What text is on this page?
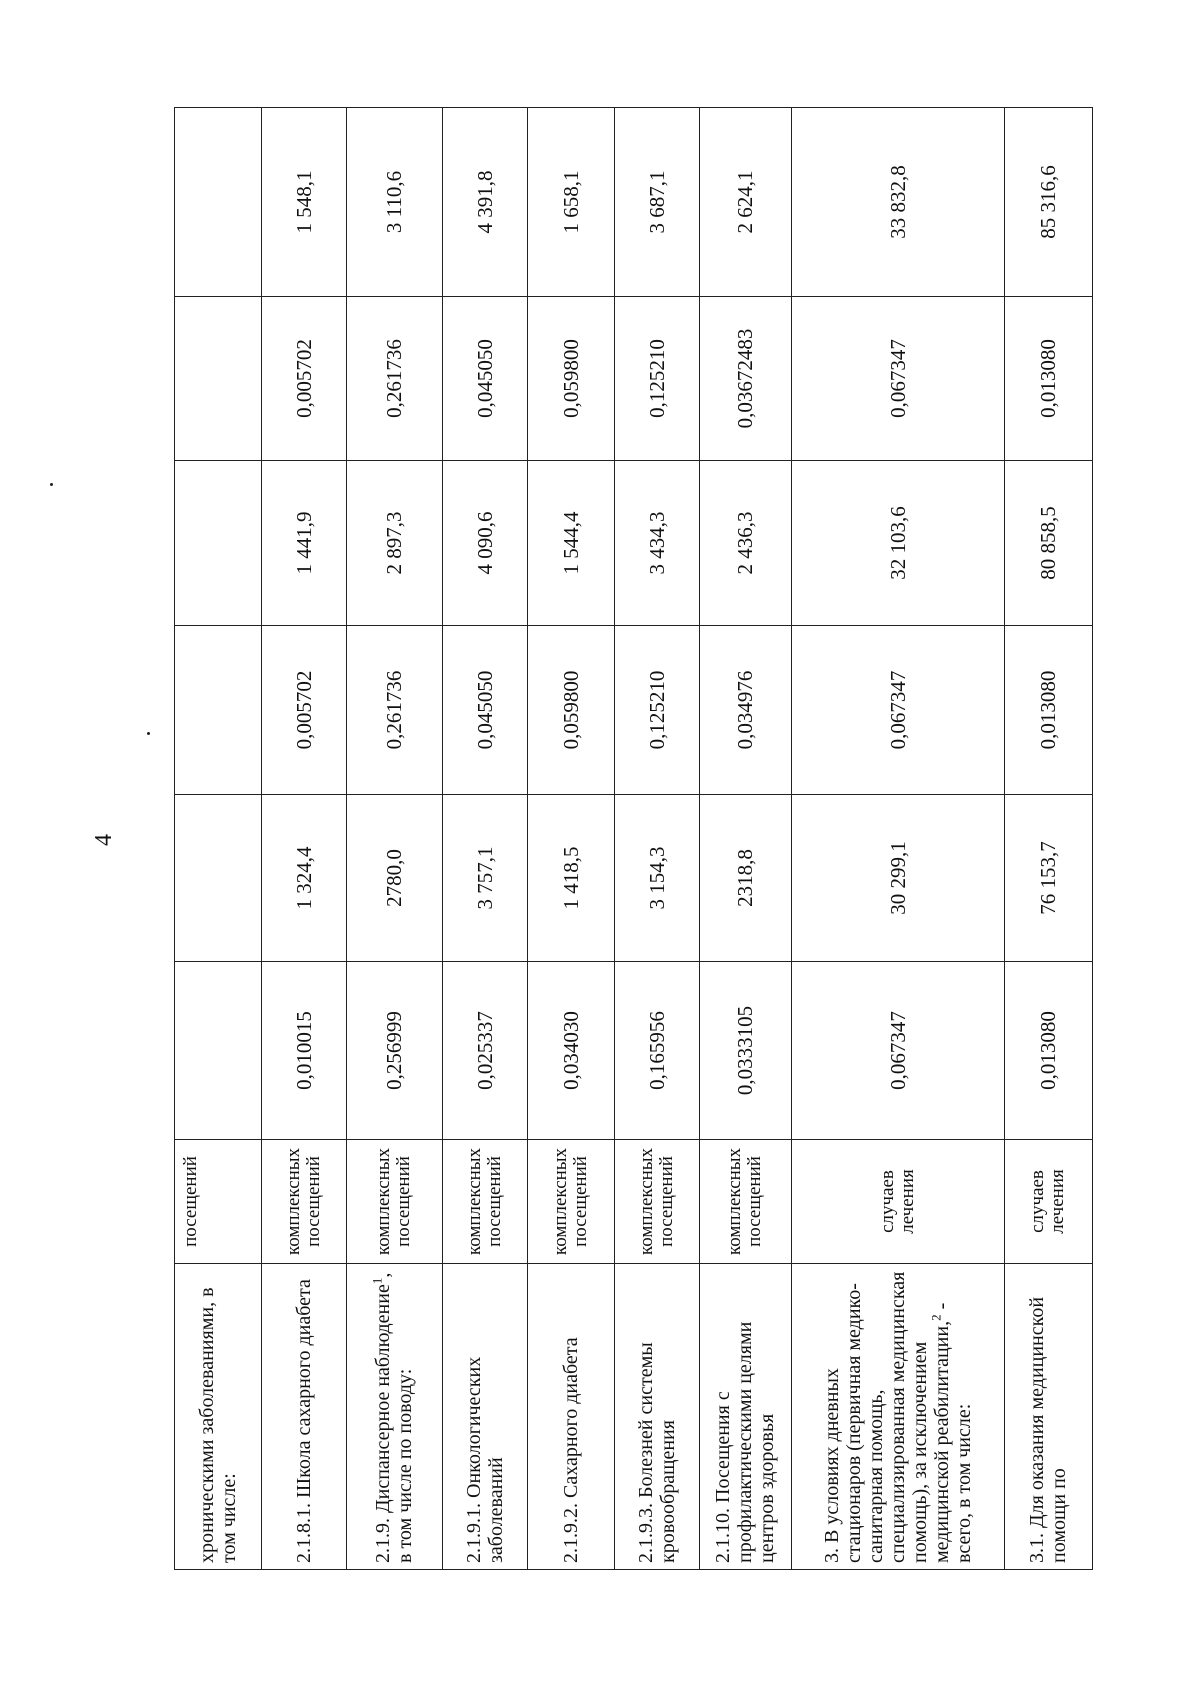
4
хроническими заболеваниями, в том числе:	посещений						
2.1.8.1. Школа сахарного диабета	комплексных посещений	0,010015	1 324,4	0,005702	1 441,9	0,005702	1 548,1
2.1.9. Диспансерное наблюдение$^1$, в том числе по поводу:	комплексных посещений	0,256999	2780,0	0,261736	2 897,3	0,261736	3 110,6
2.1.9.1. Онкологических заболеваний	комплексных посещений	0,025337	3 757,1	0,045050	4 090,6	0,045050	4 391,8
2.1.9.2. Сахарного диабета	комплексных посещений	0,034030	1 418,5	0,059800	1 544,4	0,059800	1 658,1
2.1.9.3. Болезней системы кровообращения	комплексных посещений	0,165956	3 154,3	0,125210	3 434,3	0,125210	3 687,1
2.1.10. Посещения с профилактическими целями центров здоровья	комплексных посещений	0,0333105	2318,8	0,034976	2 436,3	0,03672483	2 624,1
3. В условиях дневных стационаров (первичная медико-санитарная помощь, специализированная медицинская помощь), за исключением медицинской реабилитации,$^2$ - всего, в том числе:	случаев лечения	0,067347	30 299,1	0,067347	32 103,6	0,067347	33 832,8
3.1. Для оказания медицинской помощи по	случаев лечения	0,013080	76 153,7	0,013080	80 858,5	0,013080	85 316,6
